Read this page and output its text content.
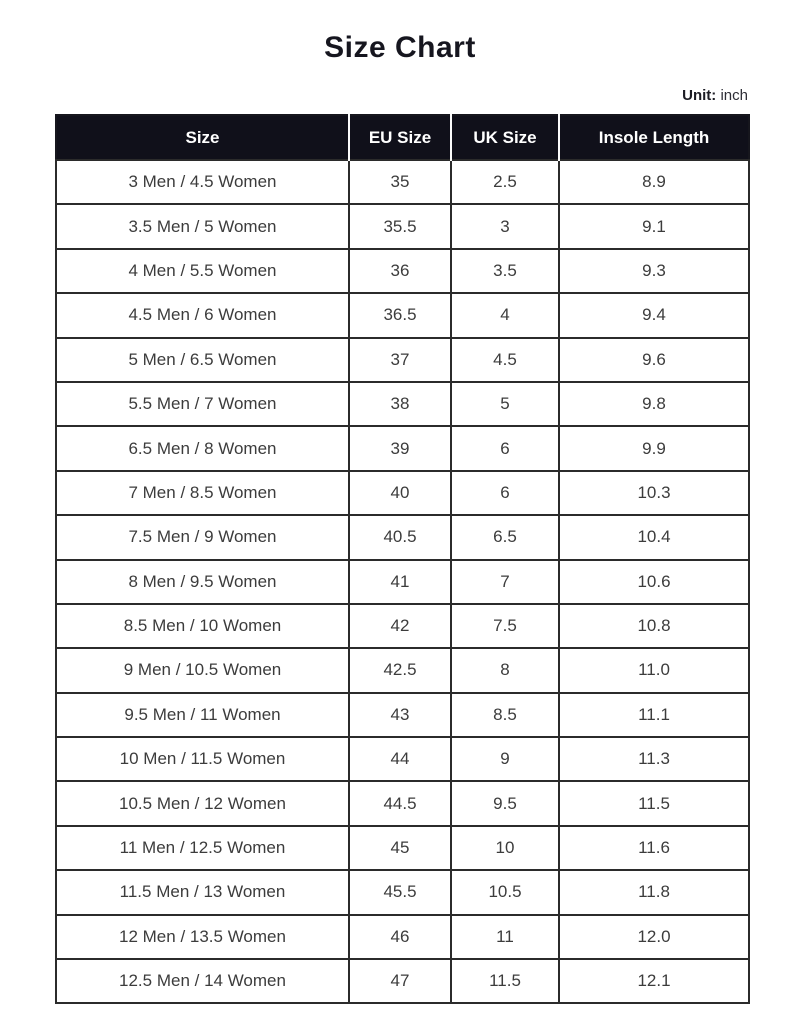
Size Chart
Unit: inch
Size	EU Size	UK Size	Insole Length
3 Men / 4.5 Women	35	2.5	8.9
3.5 Men / 5 Women	35.5	3	9.1
4 Men / 5.5 Women	36	3.5	9.3
4.5 Men / 6 Women	36.5	4	9.4
5 Men / 6.5 Women	37	4.5	9.6
5.5 Men / 7 Women	38	5	9.8
6.5 Men / 8 Women	39	6	9.9
7 Men / 8.5 Women	40	6	10.3
7.5 Men / 9 Women	40.5	6.5	10.4
8 Men / 9.5 Women	41	7	10.6
8.5 Men / 10 Women	42	7.5	10.8
9 Men / 10.5 Women	42.5	8	11.0
9.5 Men / 11 Women	43	8.5	11.1
10 Men / 11.5 Women	44	9	11.3
10.5 Men / 12 Women	44.5	9.5	11.5
11 Men / 12.5 Women	45	10	11.6
11.5 Men / 13 Women	45.5	10.5	11.8
12 Men / 13.5 Women	46	11	12.0
12.5 Men / 14 Women	47	11.5	12.1
